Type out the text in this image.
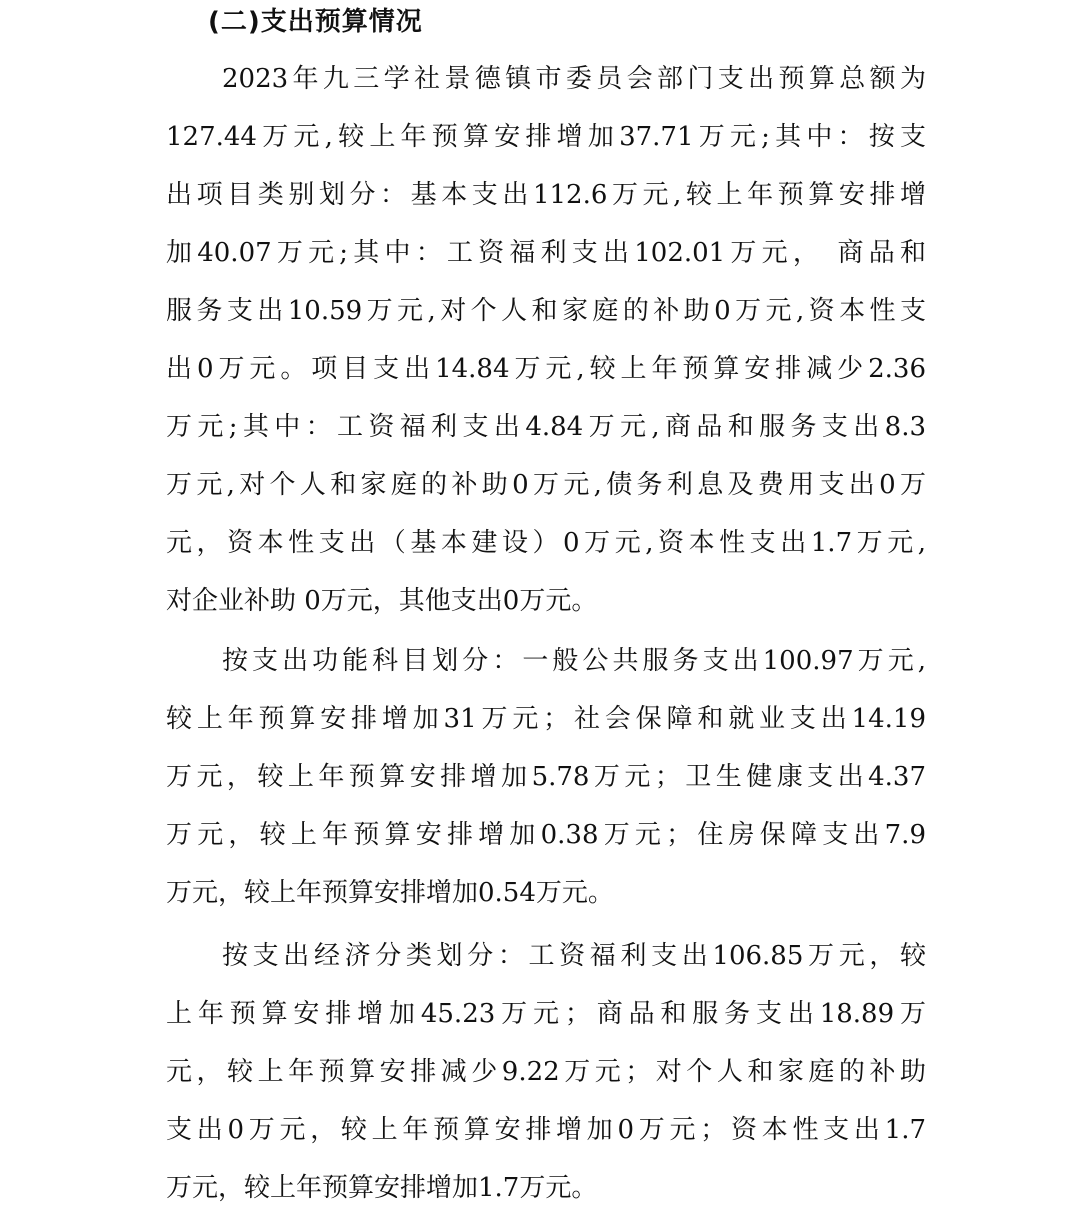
(二)支出预算情况

2023年九三学社景德镇市委员会部门支出预算总额为
127.44万元,较上年预算安排增加37.71万元;其中：按支
出项目类别划分：基本支出112.6万元,较上年预算安排增
加40.07万元;其中：工资福利支出102.01万元， 商品和
服务支出10.59万元,对个人和家庭的补助0万元,资本性支
出0万元。项目支出14.84万元,较上年预算安排减少2.36
万元;其中：工资福利支出4.84万元,商品和服务支出8.3
万元,对个人和家庭的补助0万元,债务利息及费用支出0万
元，资本性支出（基本建设）0万元,资本性支出1.7万元,
对企业补助 0万元，其他支出0万元。

按支出功能科目划分：一般公共服务支出100.97万元,
较上年预算安排增加31万元；社会保障和就业支出14.19
万元，较上年预算安排增加5.78万元；卫生健康支出4.37
万元，较上年预算安排增加0.38万元；住房保障支出7.9
万元，较上年预算安排增加0.54万元。

按支出经济分类划分：工资福利支出106.85万元，较
上年预算安排增加45.23万元；商品和服务支出18.89万
元，较上年预算安排减少9.22万元；对个人和家庭的补助
支出0万元，较上年预算安排增加0万元；资本性支出1.7
万元，较上年预算安排增加1.7万元。
